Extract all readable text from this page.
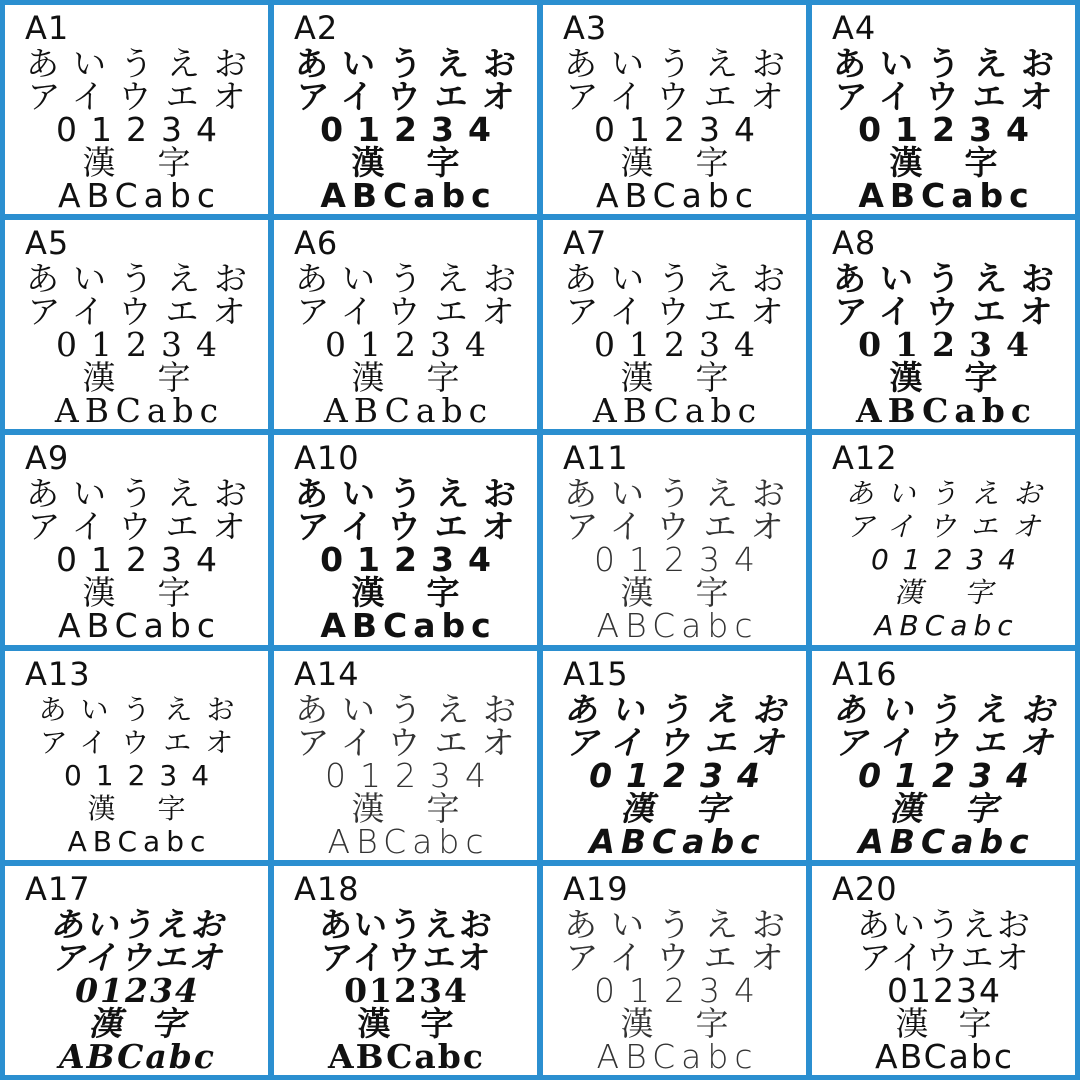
A1
あいうえお
アイウエオ
01234
漢字
ABCabc
A2
あいうえお
アイウエオ
01234
漢字
ABCabc
A3
あいうえお
アイウエオ
01234
漢字
ABCabc
A4
あいうえお
アイウエオ
01234
漢字
ABCabc
A5
あいうえお
アイウエオ
01234
漢字
ABCabc
A6
あいうえお
アイウエオ
01234
漢字
ABCabc
A7
あいうえお
アイウエオ
01234
漢字
ABCabc
A8
あいうえお
アイウエオ
01234
漢字
ABCabc
A9
あいうえお
アイウエオ
01234
漢字
ABCabc
A10
あいうえお
アイウエオ
01234
漢字
ABCabc
A11
あいうえお
アイウエオ
01234
漢字
ABCabc
A12
あいうえお
アイウエオ
01234
漢字
ABCabc
A13
あいうえお
アイウエオ
01234
漢字
ABCabc
A14
あいうえお
アイウエオ
01234
漢字
ABCabc
A15
あいうえお
アイウエオ
01234
漢字
ABCabc
A16
あいうえお
アイウエオ
01234
漢字
ABCabc
A17
あいうえお
アイウエオ
01234
漢字
ABCabc
A18
あいうえお
アイウエオ
01234
漢字
ABCabc
A19
あいうえお
アイウエオ
01234
漢字
ABCabc
A20
あいうえお
アイウエオ
01234
漢字
ABCabc
